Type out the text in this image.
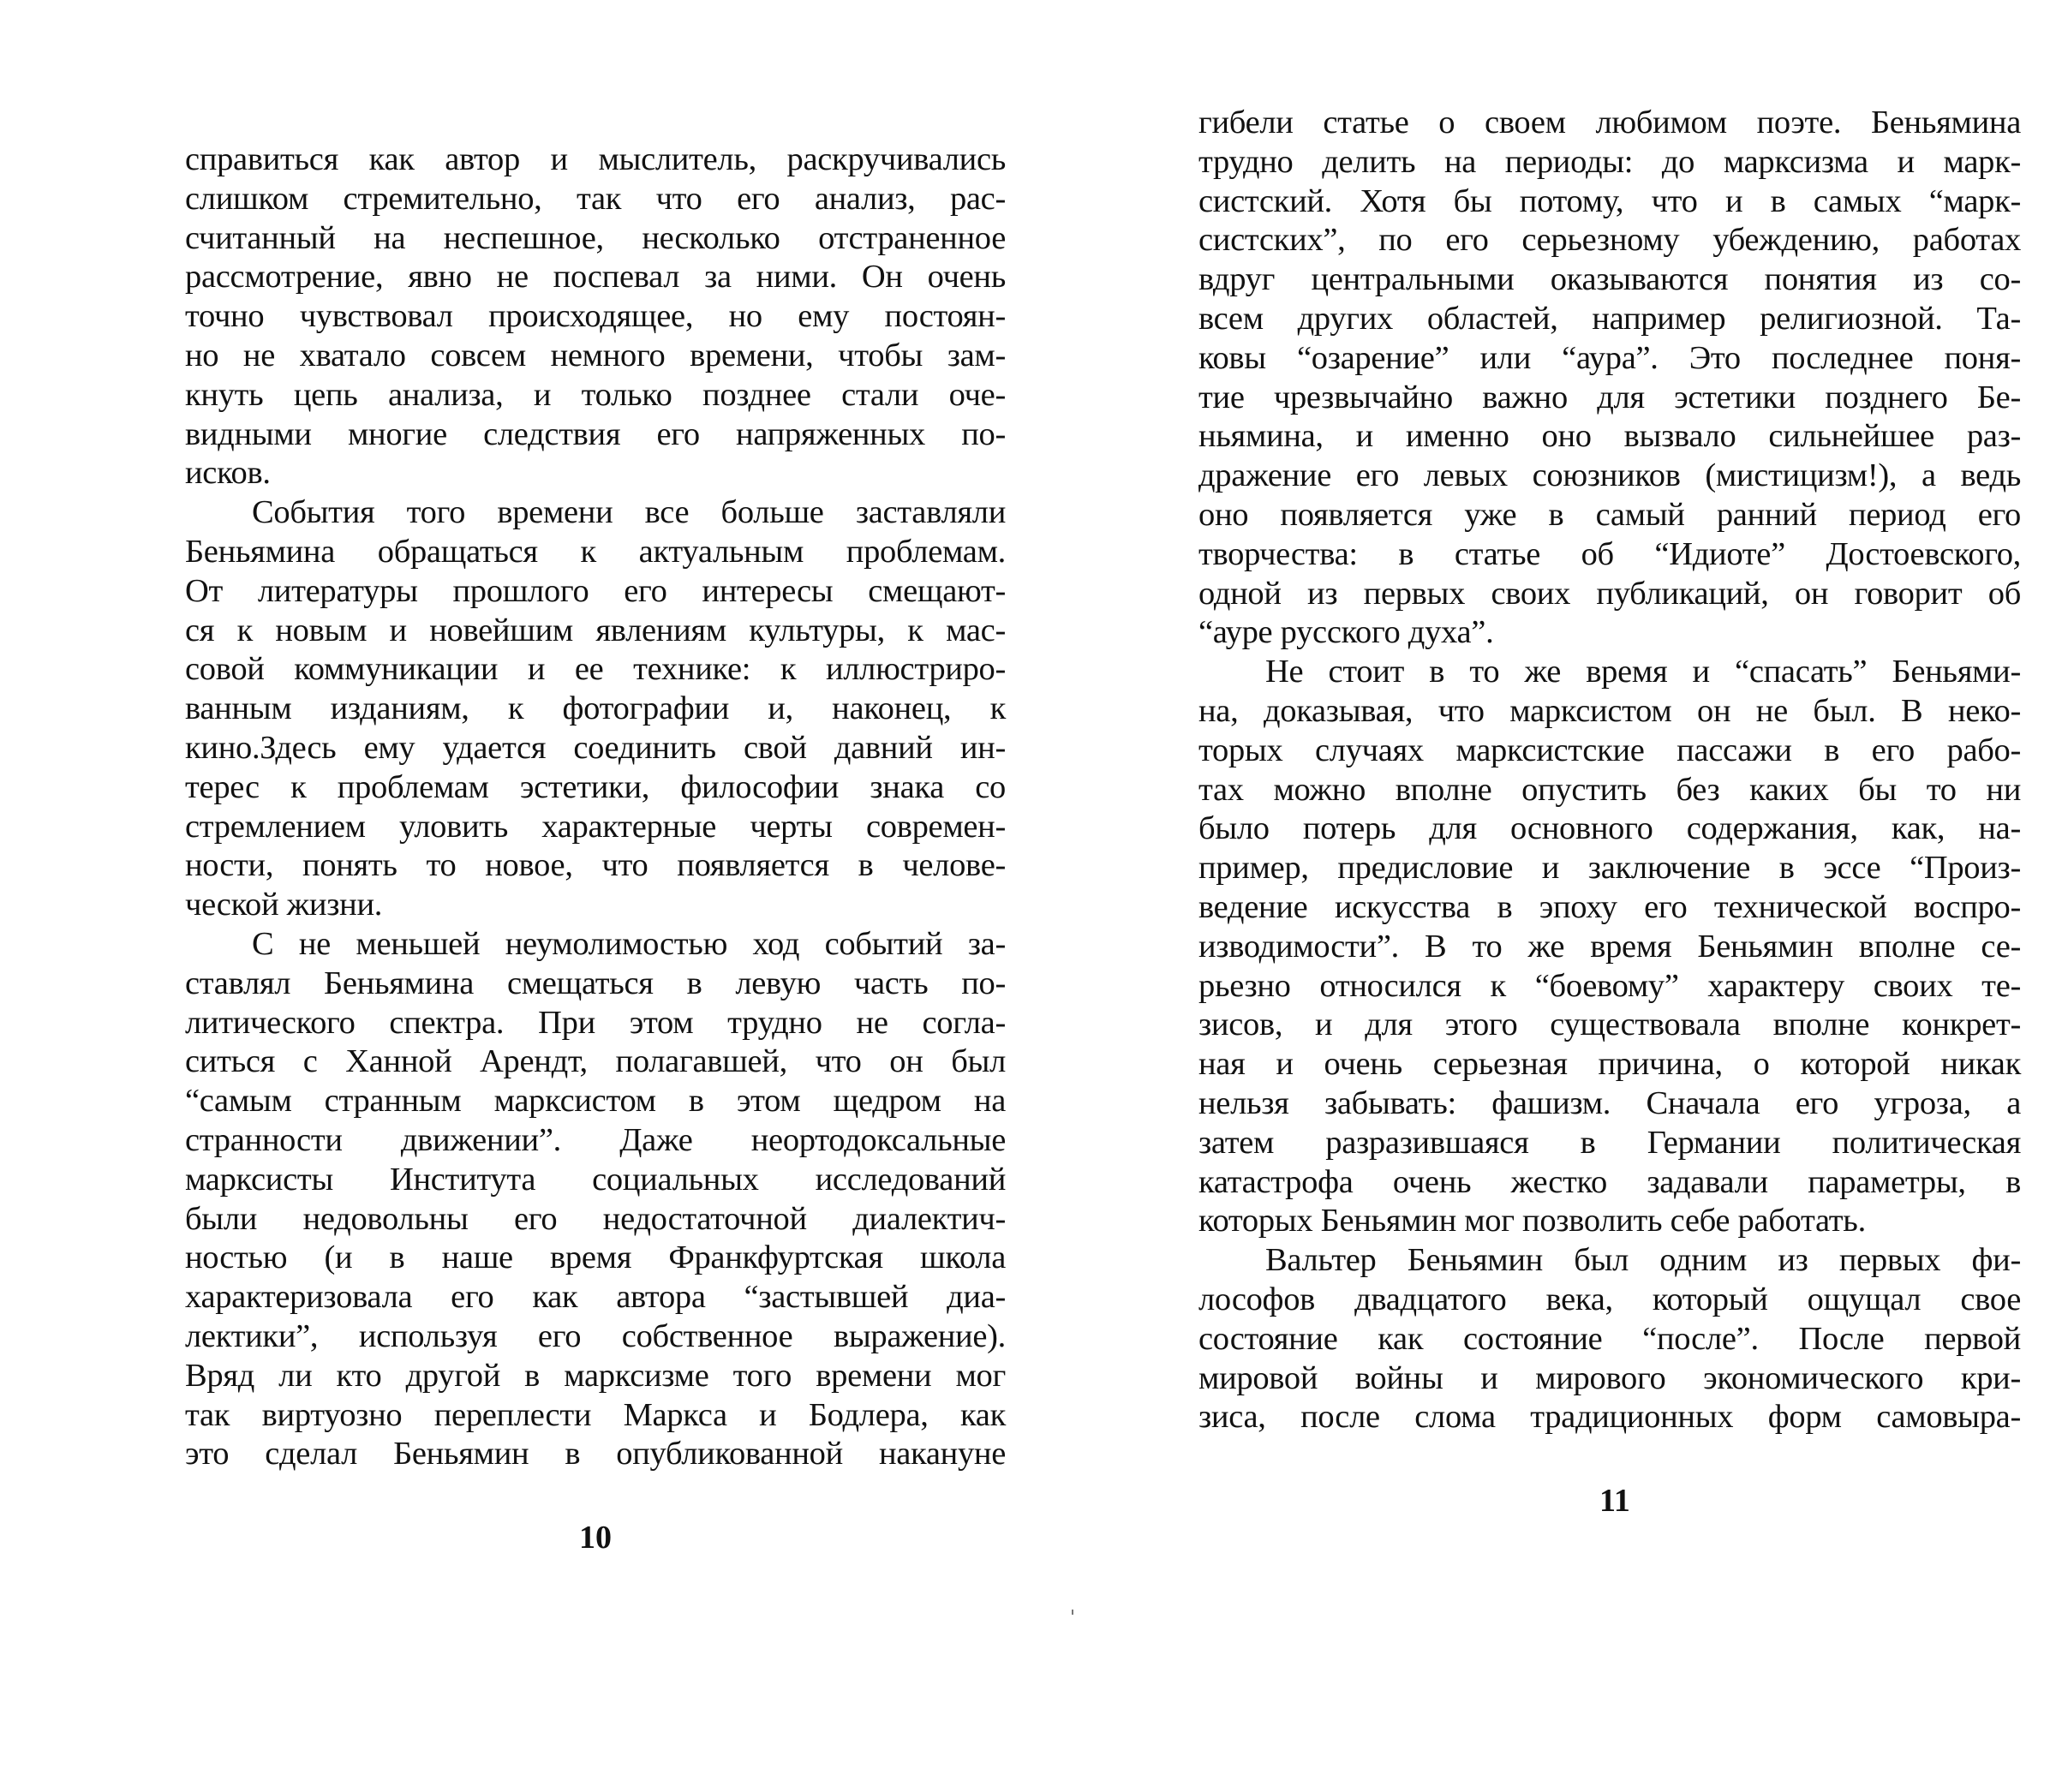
справиться как автор и мыслитель, раскручивались
слишком стремительно, так что его анализ, рас-
считанный на неспешное, несколько отстраненное
рассмотрение, явно не поспевал за ними. Он очень
точно чувствовал происходящее, но ему постоян-
но не хватало совсем немного времени, чтобы зам-
кнуть цепь анализа, и только позднее стали оче-
видными многие следствия его напряженных по-
исков.
События того времени все больше заставляли
Беньямина обращаться к актуальным проблемам.
От литературы прошлого его интересы смещают-
ся к новым и новейшим явлениям культуры, к мас-
совой коммуникации и ее технике: к иллюстриро-
ванным изданиям, к фотографии и, наконец, к
кино.Здесь ему удается соединить свой давний ин-
терес к проблемам эстетики, философии знака со
стремлением уловить характерные черты современ-
ности, понять то новое, что появляется в челове-
ческой жизни.
С не меньшей неумолимостью ход событий за-
ставлял Беньямина смещаться в левую часть по-
литического спектра. При этом трудно не согла-
ситься с Ханной Арендт, полагавшей, что он был
“самым странным марксистом в этом щедром на
странности движении”. Даже неортодоксальные
марксисты Института социальных исследований
были недовольны его недостаточной диалектич-
ностью (и в наше время Франкфуртская школа
характеризовала его как автора “застывшей диа-
лектики”, используя его собственное выражение).
Вряд ли кто другой в марксизме того времени мог
так виртуозно переплести Маркса и Бодлера, как
это сделал Беньямин в опубликованной накануне
10
гибели статье о своем любимом поэте. Беньямина
трудно делить на периоды: до марксизма и марк-
систский. Хотя бы потому, что и в самых “марк-
систских”, по его серьезному убеждению, работах
вдруг центральными оказываются понятия из со-
всем других областей, например религиозной. Та-
ковы “озарение” или “аура”. Это последнее поня-
тие чрезвычайно важно для эстетики позднего Бе-
ньямина, и именно оно вызвало сильнейшее раз-
дражение его левых союзников (мистицизм!), а ведь
оно появляется уже в самый ранний период его
творчества: в статье об “Идиоте” Достоевского,
одной из первых своих публикаций, он говорит об
“ауре русского духа”.
Не стоит в то же время и “спасать” Беньями-
на, доказывая, что марксистом он не был. В неко-
торых случаях марксистские пассажи в его рабо-
тах можно вполне опустить без каких бы то ни
было потерь для основного содержания, как, на-
пример, предисловие и заключение в эссе “Произ-
ведение искусства в эпоху его технической воспро-
изводимости”. В то же время Беньямин вполне се-
рьезно относился к “боевому” характеру своих те-
зисов, и для этого существовала вполне конкрет-
ная и очень серьезная причина, о которой никак
нельзя забывать: фашизм. Сначала его угроза, а
затем разразившаяся в Германии политическая
катастрофа очень жестко задавали параметры, в
которых Беньямин мог позволить себе работать.
Вальтер Беньямин был одним из первых фи-
лософов двадцатого века, который ощущал свое
состояние как состояние “после”. После первой
мировой войны и мирового экономического кри-
зиса, после слома традиционных форм самовыра-
11
